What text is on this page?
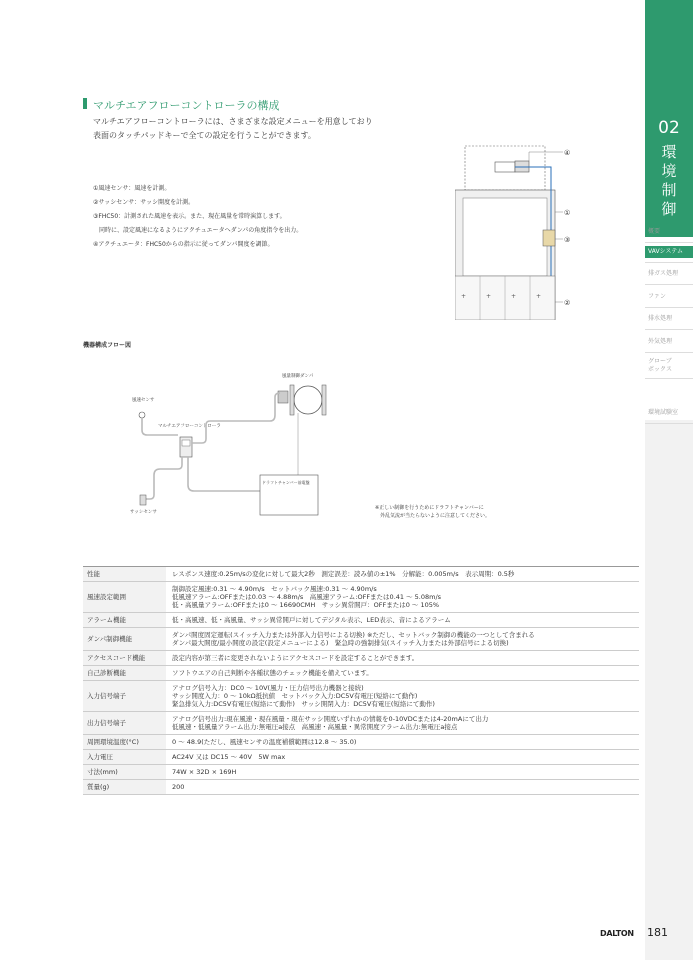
02
環境制御
概要
VAVシステム
排ガス処理
ファン
排水処理
外気処理
グローブ
ボックス
環境試験室
マルチエアフローコントローラの構成
マルチエアフローコントローラには、さまざまな設定メニューを用意しており
表面のタッチパッドキーで全ての設定を行うことができます。
①風速センサ：風速を計測。
②サッシセンサ：サッシ開度を計測。
③FHC50：計測された風速を表示。また、現在風量を常時演算します。
　同時に、設定風速になるようにアクチュエータへダンパの角度指令を出力。
④アクチュエータ：FHC50からの指示に従ってダンパ開度を調節。
+	+	+	+
④
①
③
②
機器構成フロー図
風量制御ダンパ
風速センサ
マルチエアフローコントローラ
ドラフトチャンバー前電盤
サッシセンサ
※正しい制御を行うためにドラフトチャンバーに
　外乱気流が当たらないように注意してください。
性能	レスポンス速度:0.25m/sの変化に対して最大2秒　測定誤差：読み値の±1%　分解能：0.005m/s　表示周期：0.5秒
風速設定範囲	制御設定風速:0.31 ～ 4.90m/s　セットバック風速:0.31 ～ 4.90m/s
低風速アラーム:OFFまたは0.03 ～ 4.88m/s　高風速アラーム:OFFまたは0.41 ～ 5.08m/s
低・高風量アラーム:OFFまたは0 ～ 16690CMH　サッシ異常開戸：OFFまたは0 ～ 105%
アラーム機能	低・高風速、低・高風量、サッシ異常開戸に対してデジタル表示、LED表示、音によるアラーム
ダンパ制御機能	ダンパ開度固定運転(スイッチ入力または外部入力信号による切換) ※ただし、セットバック制御の機能の一つとして含まれる
ダンパ最大開度/最小開度の設定(設定メニューによる)　緊急時の強制排気(スイッチ入力または外部信号による切換)
アクセスコード機能	設定内容が第三者に変更されないようにアクセスコードを設定することができます。
自己診断機能	ソフトウエアの自己判断や各種状態のチェック機能を備えています。
入力信号端子	アナログ信号入力：DC0 ～ 10V(風力・圧力信号出力機器と接続)
サッシ開度入力：0 ～ 10kΩ抵抗値　セットバック入力:DC5V有電圧(短絡にて動作)
緊急排気入力:DC5V有電圧(短絡にて動作)　サッシ開閉入力：DC5V有電圧(短絡にて動作)
出力信号端子	アナログ信号出力:現在風速・現在風量・現在サッシ開度いずれかの情報を0-10VDCまたは4-20mAにて出力
低風速・低風量アラーム出力:無電圧a接点　高風速・高風量・異常開度アラーム出力:無電圧a接点
周囲環境温度(°C)	0 ～ 48.9(ただし、風速センサの温度補償範囲は12.8 ～ 35.0)
入力電圧	AC24V 又は DC15 ～ 40V　5W max
寸法(mm)	74W × 32D × 169H
質量(g)	200
DALTON 181
